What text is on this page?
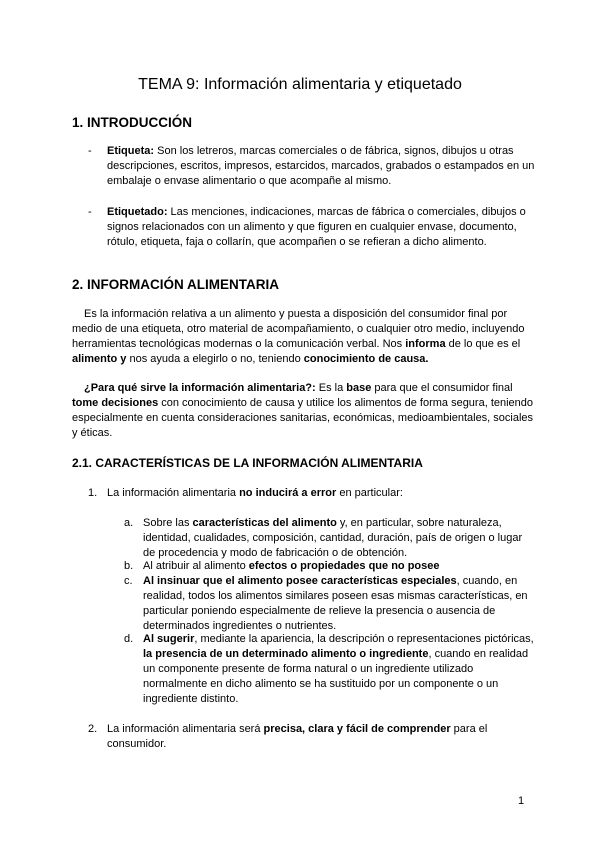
TEMA 9: Información alimentaria y etiquetado
1. INTRODUCCIÓN
- Etiqueta: Son los letreros, marcas comerciales o de fábrica, signos, dibujos u otras descripciones, escritos, impresos, estarcidos, marcados, grabados o estampados en un embalaje o envase alimentario o que acompañe al mismo.

- Etiquetado: Las menciones, indicaciones, marcas de fábrica o comerciales, dibujos o signos relacionados con un alimento y que figuren en cualquier envase, documento, rótulo, etiqueta, faja o collarín, que acompañen o se refieran a dicho alimento.

2. INFORMACIÓN ALIMENTARIA

Es la información relativa a un alimento y puesta a disposición del consumidor final por medio de una etiqueta, otro material de acompañamiento, o cualquier otro medio, incluyendo herramientas tecnológicas modernas o la comunicación verbal. Nos informa de lo que es el alimento y nos ayuda a elegirlo o no, teniendo conocimiento de causa.

¿Para qué sirve la información alimentaria?: Es la base para que el consumidor final tome decisiones con conocimiento de causa y utilice los alimentos de forma segura, teniendo especialmente en cuenta consideraciones sanitarias, económicas, medioambientales, sociales y éticas.

2.1. CARACTERÍSTICAS DE LA INFORMACIÓN ALIMENTARIA
1. La información alimentaria no inducirá a error en particular:

a. Sobre las características del alimento y, en particular, sobre naturaleza, identidad, cualidades, composición, cantidad, duración, país de origen o lugar de procedencia y modo de fabricación o de obtención.

b. Al atribuir al alimento efectos o propiedades que no posee

c. Al insinuar que el alimento posee características especiales, cuando, en realidad, todos los alimentos similares poseen esas mismas características, en particular poniendo especialmente de relieve la presencia o ausencia de determinados ingredientes o nutrientes.

d. Al sugerir, mediante la apariencia, la descripción o representaciones pictóricas, la presencia de un determinado alimento o ingrediente, cuando en realidad un componente presente de forma natural o un ingrediente utilizado normalmente en dicho alimento se ha sustituido por un componente o un ingrediente distinto.

2. La información alimentaria será precisa, clara y fácil de comprender para el consumidor.

1
